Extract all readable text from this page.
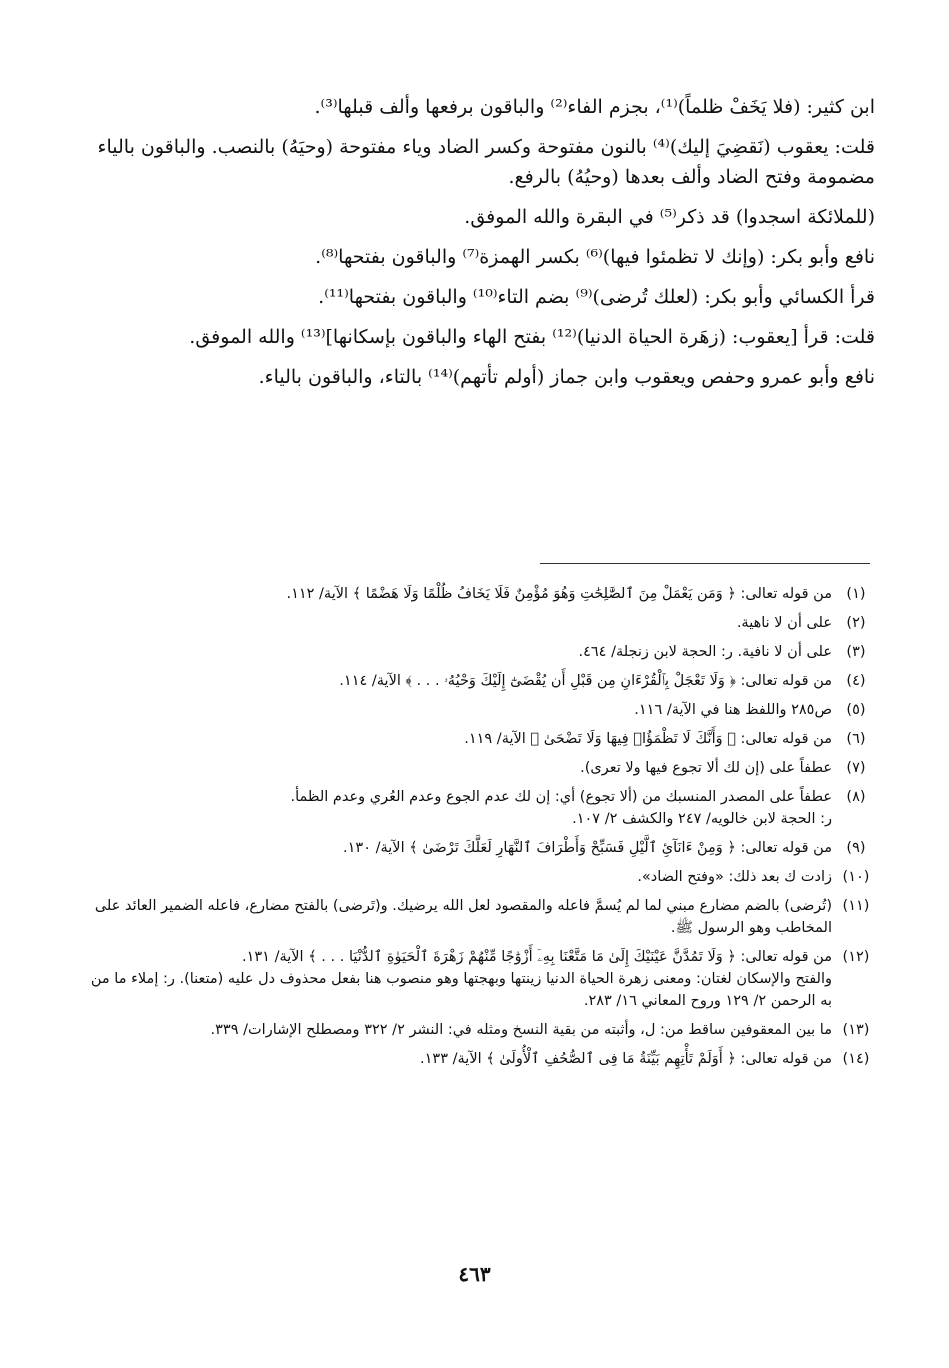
ابن كثير: (فلا يَخَفْ ظلماً)⁽¹⁾، بجزم الفاء⁽²⁾ والباقون برفعها وألف قبلها⁽³⁾.

قلت: يعقوب (نَقضِيَ إليك)⁽⁴⁾ بالنون مفتوحة وكسر الضاد وياء مفتوحة (وحيَهُ) بالنصب. والباقون بالياء مضمومة وفتح الضاد وألف بعدها (وحيُهُ) بالرفع.

(للملائكة اسجدوا) قد ذكر⁽⁵⁾ في البقرة والله الموفق.

نافع وأبو بكر: (وإنك لا تظمئوا فيها)⁽⁶⁾ بكسر الهمزة⁽⁷⁾ والباقون بفتحها⁽⁸⁾.

قرأ الكسائي وأبو بكر: (لعلك تُرضى)⁽⁹⁾ بضم التاء⁽¹⁰⁾ والباقون بفتحها⁽¹¹⁾.

قلت: قرأ [يعقوب: (زهَرة الحياة الدنيا)⁽¹²⁾ بفتح الهاء والباقون بإسكانها]⁽¹³⁾ والله الموفق.

نافع وأبو عمرو وحفص ويعقوب وابن جماز (أولم تأتهم)⁽¹⁴⁾ بالتاء، والباقون بالياء.

(١)
من قوله تعالى: ﴿ وَمَن يَعْمَلْ مِنَ ٱلصَّٰلِحَٰتِ وَهُوَ مُؤْمِنٌ فَلَا يَخَافُ ظُلْمًا وَلَا هَضْمًا ﴾ الآية/ ١١٢.
(٢)
على أن لا ناهية.
(٣)
على أن لا نافية. ر: الحجة لابن زنجلة/ ٤٦٤.
(٤)
من قوله تعالى: ﴿ وَلَا تَعْجَلْ بِٱلْقُرْءَانِ مِن قَبْلِ أَن يُقْضَىٰٓ إِلَيْكَ وَحْيُهُۥ . . . ﴾ الآية/ ١١٤.
(٥)
ص٢٨٥ واللفظ هنا في الآية/ ١١٦.
(٦)
من قوله تعالى: ﴿ وَأَنَّكَ لَا تَظْمَؤُا۟ فِيهَا وَلَا تَضْحَىٰ ﴾ الآية/ ١١٩.
(٧)
عطفاً على (إن لك ألا تجوع فيها ولا تعرى).
(٨)
عطفاً على المصدر المنسبك من (ألا تجوع) أي: إن لك عدم الجوع وعدم العُري وعدم الظمأ.
ر: الحجة لابن خالويه/ ٢٤٧ والكشف ٢/ ١٠٧.
(٩)
من قوله تعالى: ﴿ وَمِنْ ءَانَآئِ ٱلَّيْلِ فَسَبِّحْ وَأَطْرَافَ ٱلنَّهَارِ لَعَلَّكَ تَرْضَىٰ ﴾ الآية/ ١٣٠.
(١٠)
زادت ك بعد ذلك: «وفتح الضاد».
(١١)
(تُرضى) بالضم مضارع مبني لما لم يُسمَّ فاعله والمقصود لعل الله يرضيك. و(تَرضى) بالفتح مضارع، فاعله الضمير العائد على المخاطب وهو الرسول ﷺ.
(١٢)
من قوله تعالى: ﴿ وَلَا تَمُدَّنَّ عَيْنَيْكَ إِلَىٰ مَا مَتَّعْنَا بِهِۦٓ أَزْوَٰجًا مِّنْهُمْ زَهْرَةَ ٱلْحَيَوٰةِ ٱلدُّنْيَا . . . ﴾ الآية/ ١٣١.
والفتح والإسكان لغتان: ومعنى زهرة الحياة الدنيا زينتها وبهجتها وهو منصوب هنا بفعل محذوف دل عليه (متعنا). ر: إملاء ما من به الرحمن ٢/ ١٢٩ وروح المعاني ١٦/ ٢٨٣.
(١٣)
ما بين المعقوفين ساقط من: ل، وأثبته من بقية النسخ ومثله في: النشر ٢/ ٣٢٢ ومصطلح الإشارات/ ٣٣٩.
(١٤)
من قوله تعالى: ﴿ أَوَلَمْ تَأْتِهِم بَيِّنَةُ مَا فِى ٱلصُّحُفِ ٱلْأُولَىٰ ﴾ الآية/ ١٣٣.
٤٦٣
